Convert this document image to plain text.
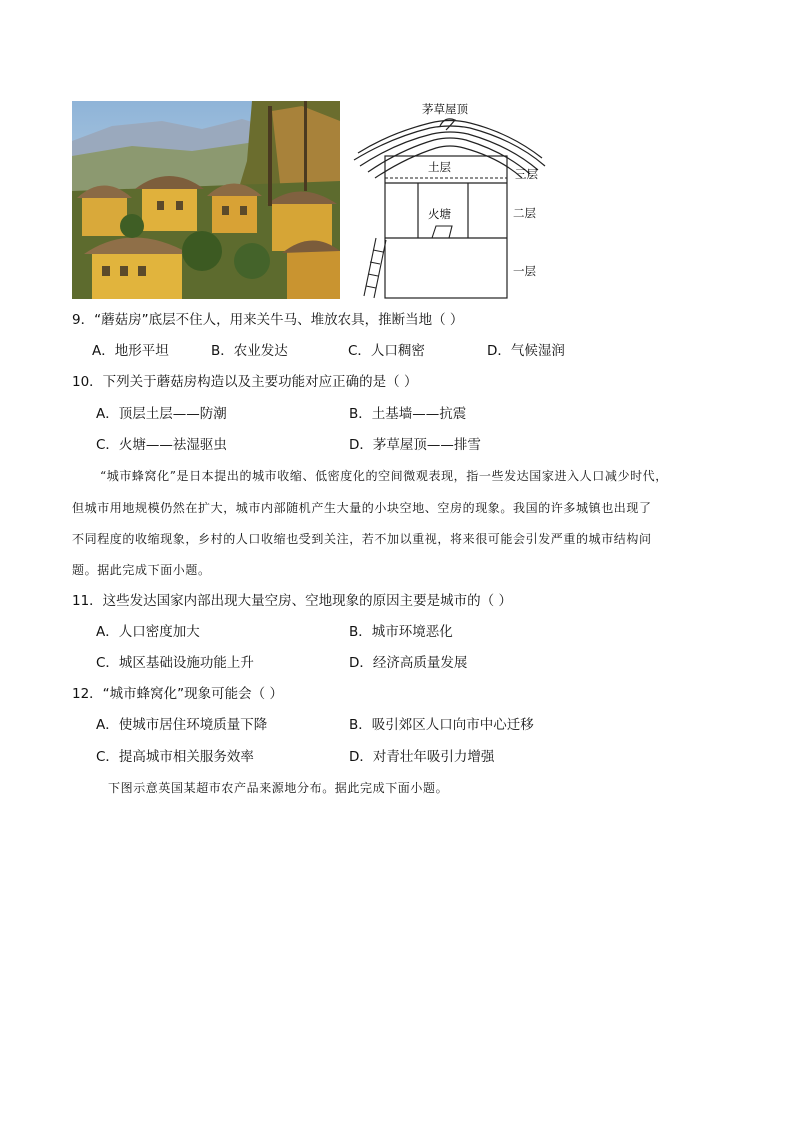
茅草屋顶
土层
火塘
三层
二层
一层
9．“蘑菇房”底层不住人，用来关牛马、堆放农具，推断当地（ ）
A．地形平坦	B．农业发达	C．人口稠密	D．气候湿润
10．下列关于蘑菇房构造以及主要功能对应正确的是（ ）
A．顶层土层——防潮	B．土基墙——抗震
C．火塘——祛湿驱虫	D．茅草屋顶——排雪
“城市蜂窝化”是日本提出的城市收缩、低密度化的空间微观表现，指一些发达国家进入人口减少时代，
但城市用地规模仍然在扩大，城市内部随机产生大量的小块空地、空房的现象。我国的许多城镇也出现了
不同程度的收缩现象，乡村的人口收缩也受到关注，若不加以重视，将来很可能会引发严重的城市结构问
题。据此完成下面小题。
11．这些发达国家内部出现大量空房、空地现象的原因主要是城市的（ ）
A．人口密度加大	B．城市环境恶化
C．城区基础设施功能上升	D．经济高质量发展
12．“城市蜂窝化”现象可能会（ ）
A．使城市居住环境质量下降	B．吸引郊区人口向市中心迁移
C．提高城市相关服务效率	D．对青壮年吸引力增强
下图示意英国某超市农产品来源地分布。据此完成下面小题。
